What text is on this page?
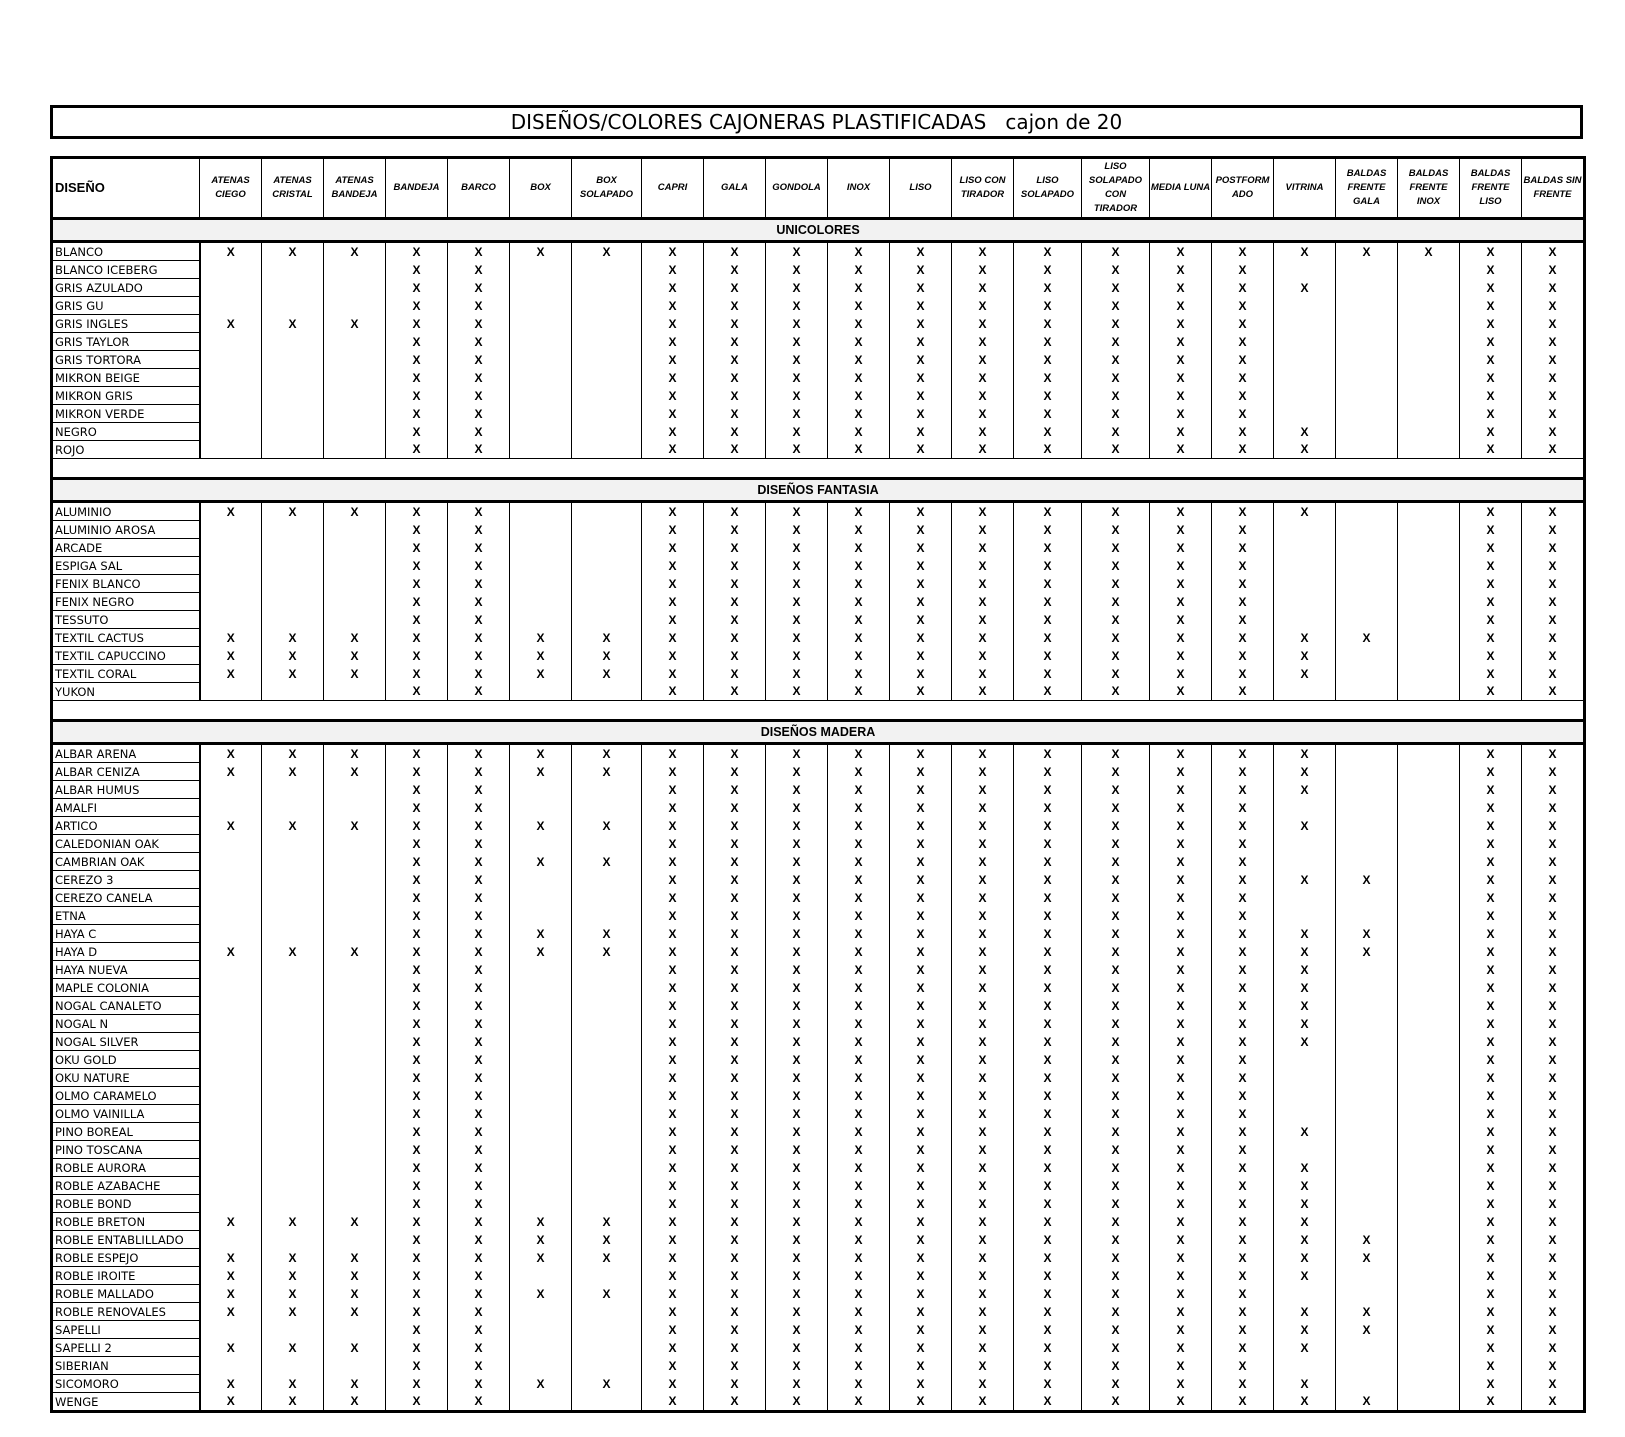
DISEÑOS/COLORES CAJONERAS PLASTIFICADAS   cajon de 20
DISEÑO	ATENAS CIEGO	ATENAS CRISTAL	ATENAS BANDEJA	BANDEJA	BARCO	BOX	BOX SOLAPADO	CAPRI	GALA	GONDOLA	INOX	LISO	LISO CON TIRADOR	LISO SOLAPADO	LISO SOLAPADO CON TIRADOR	MEDIA LUNA	POSTFORM ADO	VITRINA	BALDAS FRENTE GALA	BALDAS FRENTE INOX	BALDAS FRENTE LISO	BALDAS SIN FRENTE
UNICOLORES																						
BLANCO	X	X	X	X	X	X	X	X	X	X	X	X	X	X	X	X	X	X	X	X	X	X
BLANCO ICEBERG				X	X			X	X	X	X	X	X	X	X	X	X				X	X
GRIS AZULADO				X	X			X	X	X	X	X	X	X	X	X	X	X			X	X
GRIS GU				X	X			X	X	X	X	X	X	X	X	X	X				X	X
GRIS INGLES	X	X	X	X	X			X	X	X	X	X	X	X	X	X	X				X	X
GRIS TAYLOR				X	X			X	X	X	X	X	X	X	X	X	X				X	X
GRIS TORTORA				X	X			X	X	X	X	X	X	X	X	X	X				X	X
MIKRON BEIGE				X	X			X	X	X	X	X	X	X	X	X	X				X	X
MIKRON GRIS				X	X			X	X	X	X	X	X	X	X	X	X				X	X
MIKRON VERDE				X	X			X	X	X	X	X	X	X	X	X	X				X	X
NEGRO				X	X			X	X	X	X	X	X	X	X	X	X	X			X	X
ROJO				X	X			X	X	X	X	X	X	X	X	X	X	X			X	X

DISEÑOS FANTASIA																						
ALUMINIO	X	X	X	X	X			X	X	X	X	X	X	X	X	X	X	X			X	X
ALUMINIO AROSA				X	X			X	X	X	X	X	X	X	X	X	X				X	X
ARCADE				X	X			X	X	X	X	X	X	X	X	X	X				X	X
ESPIGA SAL				X	X			X	X	X	X	X	X	X	X	X	X				X	X
FENIX BLANCO				X	X			X	X	X	X	X	X	X	X	X	X				X	X
FENIX NEGRO				X	X			X	X	X	X	X	X	X	X	X	X				X	X
TESSUTO				X	X			X	X	X	X	X	X	X	X	X	X				X	X
TEXTIL CACTUS	X	X	X	X	X	X	X	X	X	X	X	X	X	X	X	X	X	X	X		X	X
TEXTIL CAPUCCINO	X	X	X	X	X	X	X	X	X	X	X	X	X	X	X	X	X	X			X	X
TEXTIL CORAL	X	X	X	X	X	X	X	X	X	X	X	X	X	X	X	X	X	X			X	X
YUKON				X	X			X	X	X	X	X	X	X	X	X	X				X	X

DISEÑOS MADERA																						
ALBAR ARENA	X	X	X	X	X	X	X	X	X	X	X	X	X	X	X	X	X	X			X	X
ALBAR CENIZA	X	X	X	X	X	X	X	X	X	X	X	X	X	X	X	X	X	X			X	X
ALBAR HUMUS				X	X			X	X	X	X	X	X	X	X	X	X	X			X	X
AMALFI				X	X			X	X	X	X	X	X	X	X	X	X				X	X
ARTICO	X	X	X	X	X	X	X	X	X	X	X	X	X	X	X	X	X	X			X	X
CALEDONIAN OAK				X	X			X	X	X	X	X	X	X	X	X	X				X	X
CAMBRIAN OAK				X	X	X	X	X	X	X	X	X	X	X	X	X	X				X	X
CEREZO 3				X	X			X	X	X	X	X	X	X	X	X	X	X	X		X	X
CEREZO CANELA				X	X			X	X	X	X	X	X	X	X	X	X				X	X
ETNA				X	X			X	X	X	X	X	X	X	X	X	X				X	X
HAYA C				X	X	X	X	X	X	X	X	X	X	X	X	X	X	X	X		X	X
HAYA D	X	X	X	X	X	X	X	X	X	X	X	X	X	X	X	X	X	X	X		X	X
HAYA NUEVA				X	X			X	X	X	X	X	X	X	X	X	X	X			X	X
MAPLE COLONIA				X	X			X	X	X	X	X	X	X	X	X	X	X			X	X
NOGAL CANALETO				X	X			X	X	X	X	X	X	X	X	X	X	X			X	X
NOGAL N				X	X			X	X	X	X	X	X	X	X	X	X	X			X	X
NOGAL SILVER				X	X			X	X	X	X	X	X	X	X	X	X	X			X	X
OKU GOLD				X	X			X	X	X	X	X	X	X	X	X	X				X	X
OKU NATURE				X	X			X	X	X	X	X	X	X	X	X	X				X	X
OLMO CARAMELO				X	X			X	X	X	X	X	X	X	X	X	X				X	X
OLMO VAINILLA				X	X			X	X	X	X	X	X	X	X	X	X				X	X
PINO BOREAL				X	X			X	X	X	X	X	X	X	X	X	X	X			X	X
PINO TOSCANA				X	X			X	X	X	X	X	X	X	X	X	X				X	X
ROBLE AURORA				X	X			X	X	X	X	X	X	X	X	X	X	X			X	X
ROBLE AZABACHE				X	X			X	X	X	X	X	X	X	X	X	X	X			X	X
ROBLE BOND				X	X			X	X	X	X	X	X	X	X	X	X	X			X	X
ROBLE BRETON	X	X	X	X	X	X	X	X	X	X	X	X	X	X	X	X	X	X			X	X
ROBLE ENTABLILLADO				X	X	X	X	X	X	X	X	X	X	X	X	X	X	X	X		X	X
ROBLE ESPEJO	X	X	X	X	X	X	X	X	X	X	X	X	X	X	X	X	X	X	X		X	X
ROBLE IROITE	X	X	X	X	X			X	X	X	X	X	X	X	X	X	X	X			X	X
ROBLE MALLADO	X	X	X	X	X	X	X	X	X	X	X	X	X	X	X	X	X				X	X
ROBLE RENOVALES	X	X	X	X	X			X	X	X	X	X	X	X	X	X	X	X	X		X	X
SAPELLI				X	X			X	X	X	X	X	X	X	X	X	X	X	X		X	X
SAPELLI 2	X	X	X	X	X			X	X	X	X	X	X	X	X	X	X	X			X	X
SIBERIAN				X	X			X	X	X	X	X	X	X	X	X	X				X	X
SICOMORO	X	X	X	X	X	X	X	X	X	X	X	X	X	X	X	X	X	X			X	X
WENGE	X	X	X	X	X			X	X	X	X	X	X	X	X	X	X	X	X		X	X
